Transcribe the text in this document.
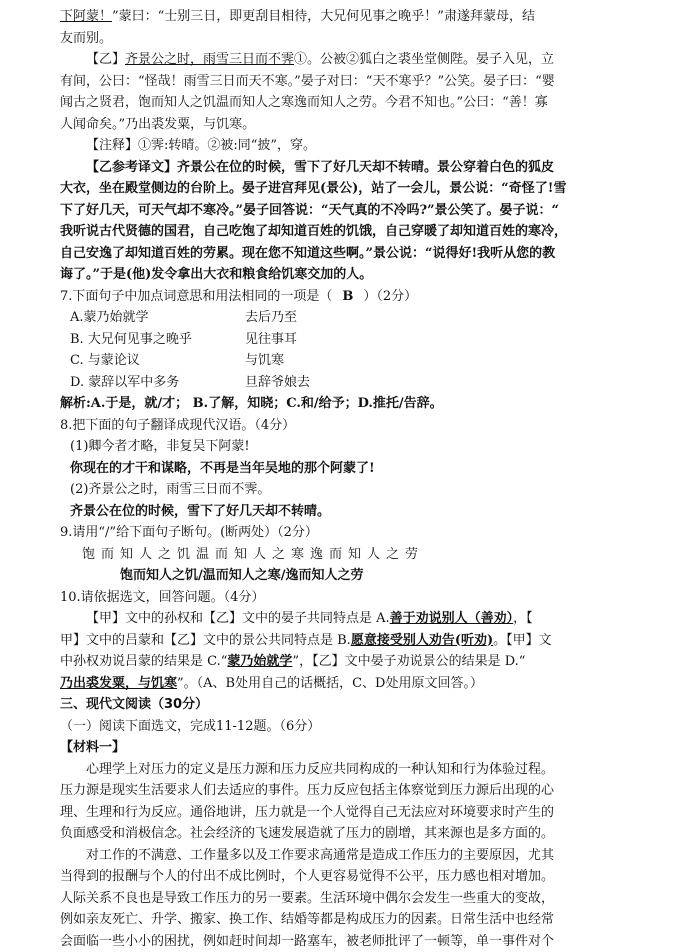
下阿蒙！”蒙曰：“士别三日，即更刮目相待，大兄何见事之晚乎！”肃遂拜蒙母，结

友而别。

【乙】齐景公之时，雨雪三日而不霁①。公被②狐白之裘坐堂侧陛。晏子入见，立

有间，公曰：“怪哉！雨雪三日而天不寒。”晏子对曰：“天不寒乎？”公笑。晏子曰：“婴

闻古之贤君，饱而知人之饥温而知人之寒逸而知人之劳。今君不知也。”公曰：“善！寡

人闻命矣。”乃出裘发粟，与饥寒。

【注释】①霁:转晴。②被:同“披”，穿。

【乙参考译文】齐景公在位的时候，雪下了好几天却不转晴。景公穿着白色的狐皮

大衣，坐在殿堂侧边的台阶上。晏子进宫拜见(景公)，站了一会儿，景公说：“奇怪了!雪

下了好几天，可天气却不寒冷。”晏子回答说：“天气真的不冷吗?”景公笑了。晏子说：“

我听说古代贤德的国君，自己吃饱了却知道百姓的饥饿，自己穿暖了却知道百姓的寒冷，

自己安逸了却知道百姓的劳累。现在您不知道这些啊。”景公说：“说得好!我听从您的教

诲了。”于是(他)发令拿出大衣和粮食给饥寒交加的人。

7.下面句子中加点词意思和用法相同的一项是（ B ）（2分）

A.蒙乃始就学	去后乃至
B. 大兄何见事之晚乎	见往事耳
C. 与蒙论议	与饥寒
D. 蒙辞以军中多务	旦辞爷娘去

解析:A.于是，就/才； B.了解，知晓；C.和/给予；D.推托/告辞。

8.把下面的句子翻译成现代汉语。（4分）

(1)卿今者才略，非复吴下阿蒙!

你现在的才干和谋略，不再是当年吴地的那个阿蒙了!

(2)齐景公之时，雨雪三日而不霁。

齐景公在位的时候，雪下了好几天却不转晴。

9.请用“/”给下面句子断句。(断两处）（2分）

饱而知人之饥温而知人之寒逸而知人之劳

饱而知人之饥/温而知人之寒/逸而知人之劳

10.请依据选文，回答问题。（4分）

【甲】文中的孙权和【乙】文中的晏子共同特点是 A.善于劝说别人（善劝），【

甲】文中的吕蒙和【乙】文中的景公共同特点是 B.愿意接受别人劝告(听劝)。【甲】文

中孙权劝说吕蒙的结果是 C.“蒙乃始就学”，【乙】文中晏子劝说景公的结果是 D.“

乃出裘发粟，与饥寒”。（A、B处用自己的话概括，C、D处用原文回答。）

三、现代文阅读（30分）

（一）阅读下面选文，完成11-12题。（6分）

【材料一】

心理学上对压力的定义是压力源和压力反应共同构成的一种认知和行为体验过程。

压力源是现实生活要求人们去适应的事件。压力反应包括主体察觉到压力源后出现的心

理、生理和行为反应。通俗地讲，压力就是一个人觉得自己无法应对环境要求时产生的

负面感受和消极信念。社会经济的飞速发展造就了压力的剧增，其来源也是多方面的。

对工作的不满意、工作量多以及工作要求高通常是造成工作压力的主要原因，尤其

当得到的报酬与个人的付出不成比例时，个人更容易觉得不公平，压力感也相对增加。

人际关系不良也是导致工作压力的另一要素。生活环境中偶尔会发生一些重大的变故，

例如亲友死亡、升学、搬家、换工作、结婚等都是构成压力的因素。日常生活中也经常

会面临一些小小的困扰，例如赶时间却一路塞车，被老师批评了一顿等，单一事件对个
